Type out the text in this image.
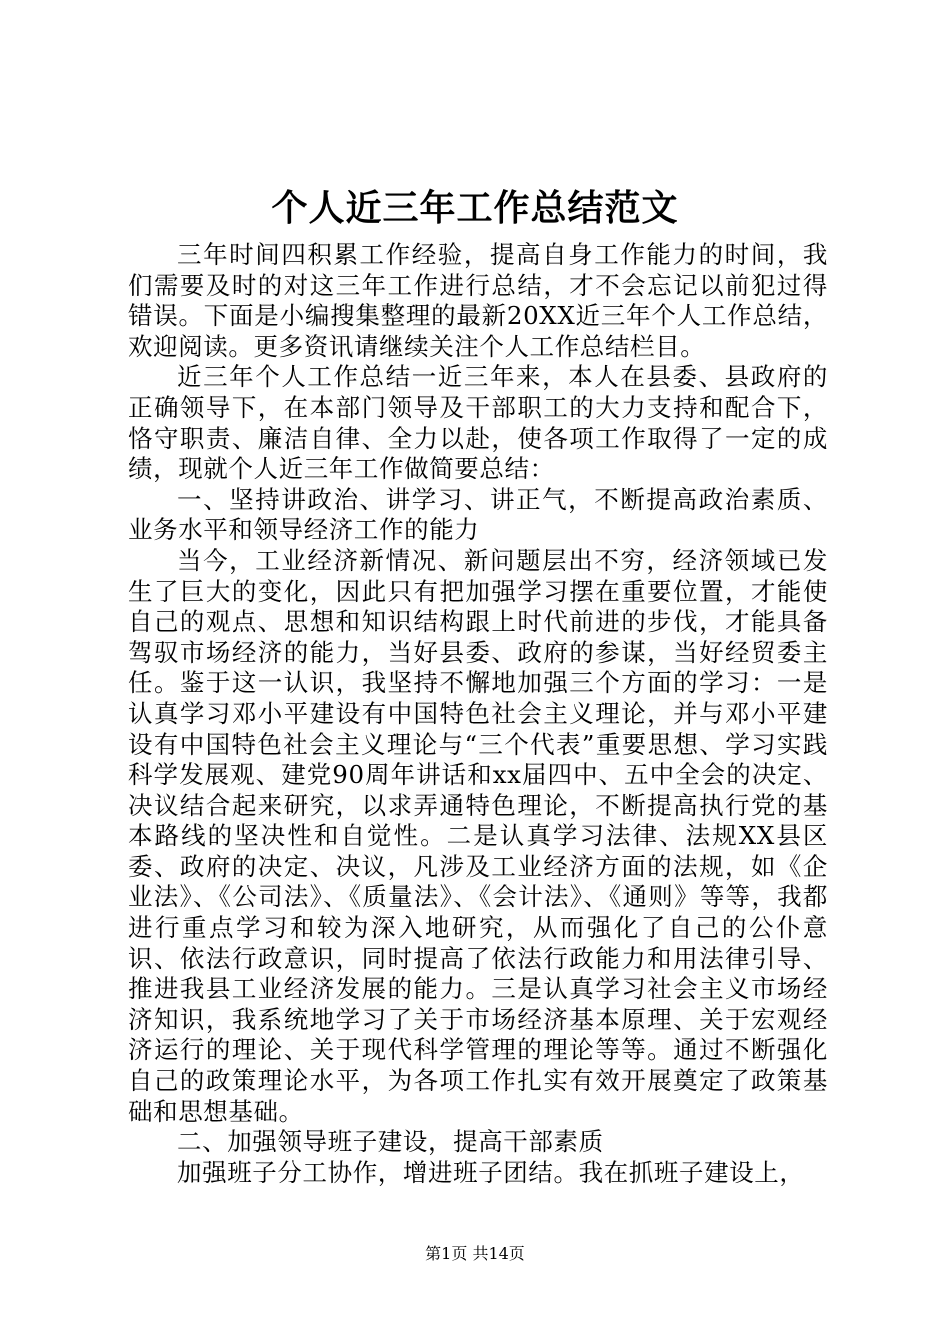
个人近三年工作总结范文

三年时间四积累工作经验，提高自身工作能力的时间，我们需要及时的对这三年工作进行总结，才不会忘记以前犯过得错误。下面是小编搜集整理的最新20XX近三年个人工作总结，欢迎阅读。更多资讯请继续关注个人工作总结栏目。

近三年个人工作总结一近三年来，本人在县委、县政府的正确领导下，在本部门领导及干部职工的大力支持和配合下，恪守职责、廉洁自律、全力以赴，使各项工作取得了一定的成绩，现就个人近三年工作做简要总结：

一、坚持讲政治、讲学习、讲正气，不断提高政治素质、业务水平和领导经济工作的能力

当今，工业经济新情况、新问题层出不穷，经济领域已发生了巨大的变化，因此只有把加强学习摆在重要位置，才能使自己的观点、思想和知识结构跟上时代前进的步伐，才能具备驾驭市场经济的能力，当好县委、政府的参谋，当好经贸委主任。鉴于这一认识，我坚持不懈地加强三个方面的学习：一是认真学习邓小平建设有中国特色社会主义理论，并与邓小平建设有中国特色社会主义理论与“三个代表”重要思想、学习实践科学发展观、建党90周年讲话和xx届四中、五中全会的决定、决议结合起来研究，以求弄通特色理论，不断提高执行党的基本路线的坚决性和自觉性。二是认真学习法律、法规XX县区委、政府的决定、决议，凡涉及工业经济方面的法规，如《企业法》、《公司法》、《质量法》、《会计法》、《通则》等等，我都进行重点学习和较为深入地研究，从而强化了自己的公仆意识、依法行政意识，同时提高了依法行政能力和用法律引导、推进我县工业经济发展的能力。三是认真学习社会主义市场经济知识，我系统地学习了关于市场经济基本原理、关于宏观经济运行的理论、关于现代科学管理的理论等等。通过不断强化自己的政策理论水平，为各项工作扎实有效开展奠定了政策基础和思想基础。

二、加强领导班子建设，提高干部素质

加强班子分工协作，增进班子团结。我在抓班子建设上，

第1页 共14页
